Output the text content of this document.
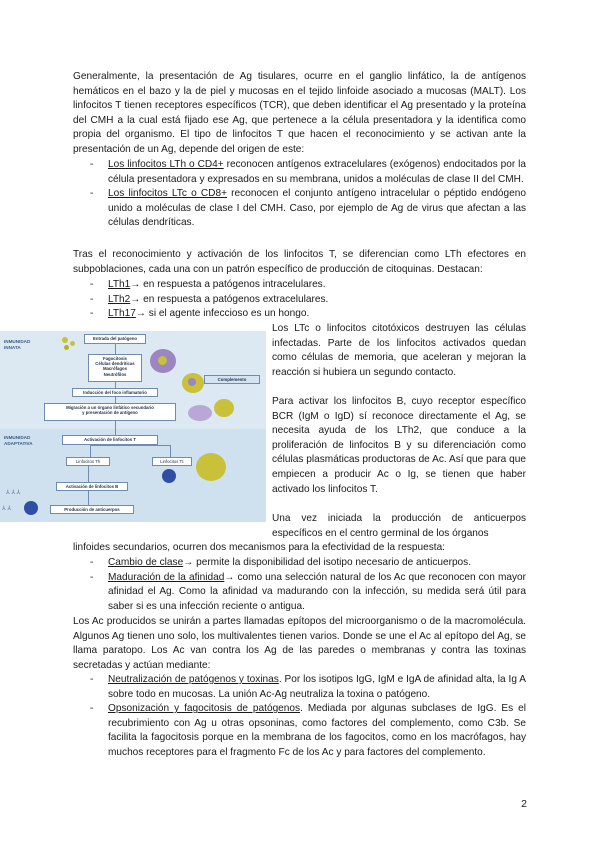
Generalmente, la presentación de Ag tisulares, ocurre en el ganglio linfático, la de antígenos hemáticos en el bazo y la de piel y mucosas en el tejido linfoide asociado a mucosas (MALT). Los linfocitos T tienen receptores específicos (TCR), que deben identificar el Ag presentado y la proteína del CMH a la cual está fijado ese Ag, que pertenece a la célula presentadora y la identifica como propia del organismo. El tipo de linfocitos T que hacen el reconocimiento y se activan ante la presentación de un Ag, depende del origen de este:

- Los linfocitos LTh o CD4+ reconocen antígenos extracelulares (exógenos) endocitados por la célula presentadora y expresados en su membrana, unidos a moléculas de clase II del CMH.
- Los linfocitos LTc o CD8+ reconocen el conjunto antígeno intracelular o péptido endógeno unido a moléculas de clase I del CMH. Caso, por ejemplo de Ag de virus que afectan a las células dendríticas.

Tras el reconocimiento y activación de los linfocitos T, se diferencian como LTh efectores en subpoblaciones, cada una con un patrón específico de producción de citoquinas. Destacan:

- LTh1→ en respuesta a patógenos intracelulares.
- LTh2→ en respuesta a patógenos extracelulares.
- LTh17→ si el agente infeccioso es un hongo.
INMUNIDAD
INNATA
INMUNIDAD
ADAPTATIVA
Entrada del patógeno
Fagocitosis
Células dendríticas
Macrófagos
Neutrófilos
Complemento
Inducción del foco inflamatorio
Migración a un órgano linfático secundario
y presentación de antígeno
Activación de linfocitos T
Linfocitos Th	Linfocitos Tc
Activación de linfocitos B
Producción de anticuerpos
⅄ ⅄ ⅄
⅄ ⅄

Los LTc o linfocitos citotóxicos destruyen las células infectadas. Parte de los linfocitos activados quedan como células de memoria, que aceleran y mejoran la reacción si hubiera un segundo contacto.

Para activar los linfocitos B, cuyo receptor específico BCR (IgM o IgD) sí reconoce directamente el Ag, se necesita ayuda de los LTh2, que conduce a la proliferación de linfocitos B y su diferenciación como células plasmáticas productoras de Ac. Así que para que empiecen a producir Ac o Ig, se tienen que haber activado los linfocitos T.

Una vez iniciada la producción de anticuerpos específicos en el centro germinal de los órganos

linfoides secundarios, ocurren dos mecanismos para la efectividad de la respuesta:

- Cambio de clase→ permite la disponibilidad del isotipo necesario de anticuerpos.
- Maduración de la afinidad→ como una selección natural de los Ac que reconocen con mayor afinidad el Ag. Como la afinidad va madurando con la infección, su medida será útil para saber si es una infección reciente o antigua.

Los Ac producidos se unirán a partes llamadas epítopos del microorganismo o de la macromolécula. Algunos Ag tienen uno solo, los multivalentes tienen varios. Donde se une el Ac al epítopo del Ag, se llama paratopo. Los Ac van contra los Ag de las paredes o membranas y contra las toxinas secretadas y actúan mediante:

- Neutralización de patógenos y toxinas. Por los isotipos IgG, IgM e IgA de afinidad alta, la Ig A sobre todo en mucosas. La unión Ac-Ag neutraliza la toxina o patógeno.
- Opsonización y fagocitosis de patógenos. Mediada por algunas subclases de IgG. Es el recubrimiento con Ag u otras opsoninas, como factores del complemento, como C3b. Se facilita la fagocitosis porque en la membrana de los fagocitos, como en los macrófagos, hay muchos receptores para el fragmento Fc de los Ac y para factores del complemento.
2
